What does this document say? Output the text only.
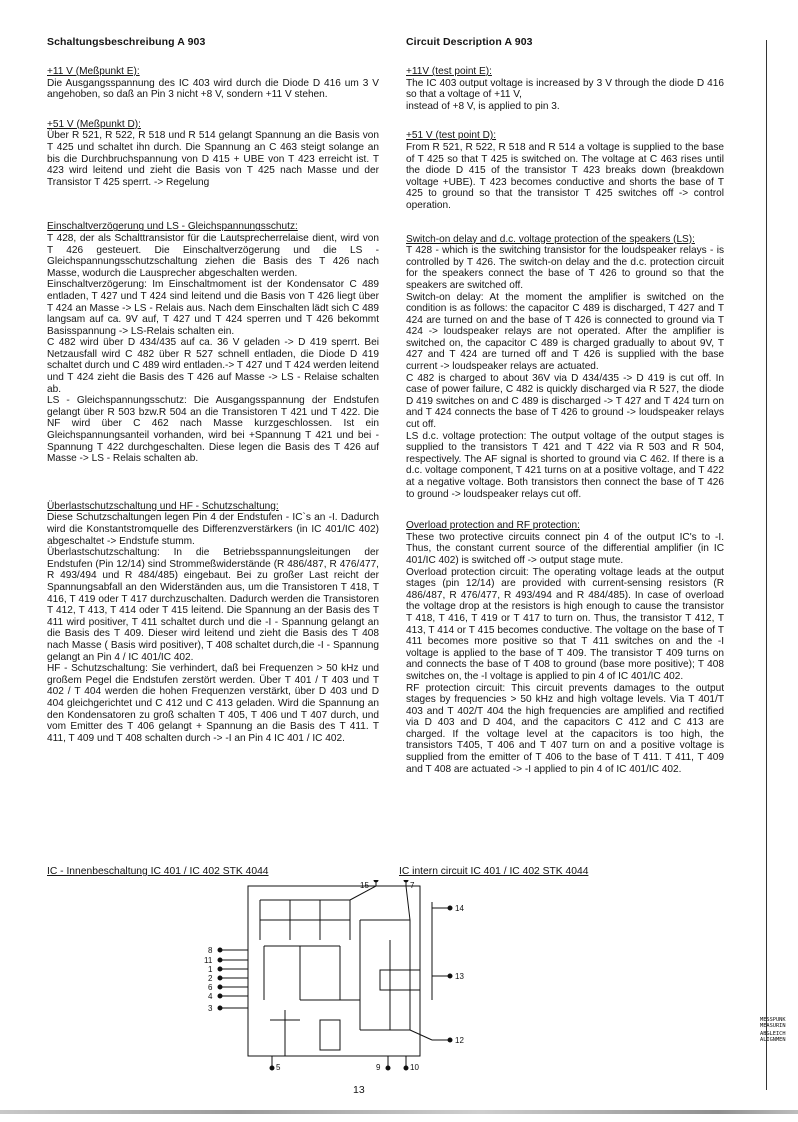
Schaltungsbeschreibung A 903	Circuit Description A 903
+11 V (Meßpunkt E):

Die Ausgangsspannung des IC 403 wird durch die Diode D 416 um 3 V angehoben, so daß an Pin 3 nicht +8 V, sondern +11 V stehen.

+51 V (Meßpunkt D):

Über R 521, R 522, R 518 und R 514 gelangt Spannung an die Basis von T 425 und schaltet ihn durch. Die Spannung an C 463 steigt solange an bis die Durchbruchspannung von D 415 + UBE von T 423 erreicht ist. T 423 wird leitend und zieht die Basis von T 425 nach Masse und der Transistor T 425 sperrt. -> Regelung

Einschaltverzögerung und LS - Gleichspannungsschutz:

T 428, der als Schalttransistor für die Lautsprecherrelaise dient, wird von T 426 gesteuert. Die Einschaltverzögerung und die LS - Gleichspannungsschutzschaltung ziehen die Basis des T 426 nach Masse, wodurch die Lausprecher abgeschalten werden.

Einschaltverzögerung: Im Einschaltmoment ist der Kondensator C 489 entladen, T 427 und T 424 sind leitend und die Basis von T 426 liegt über T 424 an Masse -> LS - Relais aus. Nach dem Einschalten lädt sich C 489 langsam auf ca. 9V auf, T 427 und T 424 sperren und T 426 bekommt Basisspannung -> LS-Relais schalten ein.

C 482 wird über D 434/435 auf ca. 36 V geladen -> D 419 sperrt. Bei Netzausfall wird C 482 über R 527 schnell entladen, die Diode D 419 schaltet durch und C 489 wird entladen.-> T 427 und T 424 werden leitend und T 424 zieht die Basis des T 426 auf Masse -> LS - Relaise schalten ab.

LS - Gleichspannungsschutz: Die Ausgangsspannung der Endstufen gelangt über R 503 bzw.R 504 an die Transistoren T 421 und T 422. Die NF wird über C 462 nach Masse kurzgeschlossen. Ist ein Gleichspannungsanteil vorhanden, wird bei +Spannung T 421 und bei -Spannung T 422 durchgeschalten. Diese legen die Basis des T 426 auf Masse -> LS - Relais schalten ab.

Überlastschutzschaltung und HF - Schutzschaltung:

Diese Schutzschaltungen legen Pin 4 der Endstufen - IC`s an -I. Dadurch wird die Konstantstromquelle des Differenzverstärkers (in IC 401/IC 402) abgeschaltet -> Endstufe stumm.

Überlastschutzschaltung: In die Betriebsspannungsleitungen der Endstufen (Pin 12/14) sind Strommeßwiderstände (R 486/487, R 476/477, R 493/494 und R 484/485) eingebaut. Bei zu großer Last reicht der Spannungsabfall an den Widerständen aus, um die Transistoren T 418, T 416, T 419 oder T 417 durchzuschalten. Dadurch werden die Transistoren T 412, T 413, T 414 oder T 415 leitend. Die Spannung an der Basis des T 411 wird positiver, T 411 schaltet durch und die -I - Spannung gelangt an die Basis des T 409. Dieser wird leitend und zieht die Basis des T 408 nach Masse ( Basis wird positiver), T 408 schaltet durch,die -I - Spannung gelangt an Pin 4 / IC 401/IC 402.

HF - Schutzschaltung: Sie verhindert, daß bei Frequenzen > 50 kHz und großem Pegel die Endstufen zerstört werden. Über T 401 / T 403 und T 402 / T 404 werden die hohen Frequenzen verstärkt, über D 403 und D 404 gleichgerichtet und C 412 und C 413 geladen. Wird die Spannung an den Kondensatoren zu groß schalten T 405, T 406 und T 407 durch, und vom Emitter des T 406 gelangt + Spannung an die Basis des T 411. T 411, T 409 und T 408 schalten durch -> -I an Pin 4 IC 401 / IC 402.

+11V (test point E):

The IC 403 output voltage is increased by 3 V through the diode D 416 so that a voltage of +11 V,

instead of +8 V, is applied to pin 3.

+51 V (test point D):

From R 521, R 522, R 518 and R 514 a voltage is supplied to the base of T 425 so that T 425 is switched on. The voltage at C 463 rises until the diode D 415 of the transistor T 423 breaks down (breakdown voltage +UBE). T 423 becomes conductive and shorts the base of T 425 to ground so that the transistor T 425 switches off -> control operation.

Switch-on delay and d.c. voltage protection of the speakers (LS):

T 428 - which is the switching transistor for the loudspeaker relays - is controlled by T 426. The switch-on delay and the d.c. protection circuit for the speakers connect the base of T 426 to ground so that the speakers are switched off.

Switch-on delay: At the moment the amplifier is switched on the condition is as follows: the capacitor C 489 is discharged, T 427 and T 424 are turned on and the base of T 426 is connected to ground via T 424 -> loudspeaker relays are not operated. After the amplifier is switched on, the capacitor C 489 is charged gradually to about 9V, T 427 and T 424 are turned off and T 426 is supplied with the base current -> loudspeaker relays are actuated.

C 482 is charged to about 36V via D 434/435 -> D 419 is cut off. In case of power failure, C 482 is quickly discharged via R 527, the diode D 419 switches on and C 489 is discharged -> T 427 and T 424 turn on and T 424 connects the base of T 426 to ground -> loudspeaker relays cut off.

LS d.c. voltage protection: The output voltage of the output stages is supplied to the transistors T 421 and T 422 via R 503 and R 504, respectively. The AF signal is shorted to ground via C 462. If there is a d.c. voltage component, T 421 turns on at a positive voltage, and T 422 at a negative voltage. Both transistors then connect the base of T 426 to ground -> loudspeaker relays cut off.

Overload protection and RF protection:

These two protective circuits connect pin 4 of the output IC's to -I. Thus, the constant current source of the differential amplifier (in IC 401/IC 402) is switched off -> output stage mute.

Overload protection circuit: The operating voltage leads at the output stages (pin 12/14) are provided with current-sensing resistors (R 486/487, R 476/477, R 493/494 and R 484/485). In case of overload the voltage drop at the resistors is high enough to cause the transistor T 418, T 416, T 419 or T 417 to turn on. Thus, the transistor T 412, T 413, T 414 or T 415 becomes conductive. The voltage on the base of T 411 becomes more positive so that T 411 switches on and the -I voltage is applied to the base of T 409. The transistor T 409 turns on and connects the base of T 408 to ground (base more positive); T 408 switches on, the -I voltage is applied to pin 4 of IC 401/IC 402.

RF protection circuit: This circuit prevents damages to the output stages by frequencies > 50 kHz and high voltage levels. Via T 401/T 403 and T 402/T 404 the high frequencies are amplified and rectified via D 403 and D 404, and the capacitors C 412 and C 413 are charged. If the voltage level at the capacitors is too high, the transistors T405, T 406 and T 407 turn on and a positive voltage is supplied from the emitter of T 406 to the base of T 411. T 411, T 409 and T 408 are actuated -> -I applied to pin 4 of IC 401/IC 402.

IC - Innenbeschaltung IC 401 / IC 402 STK 4044	IC intern circuit IC 401 / IC 402 STK 4044
15	7
14
8
11
1
2
6
4
3
13
5	9	10
12
13
MESSPUNK
MEASURIN
ABGLEICH
ALIGNMEN
